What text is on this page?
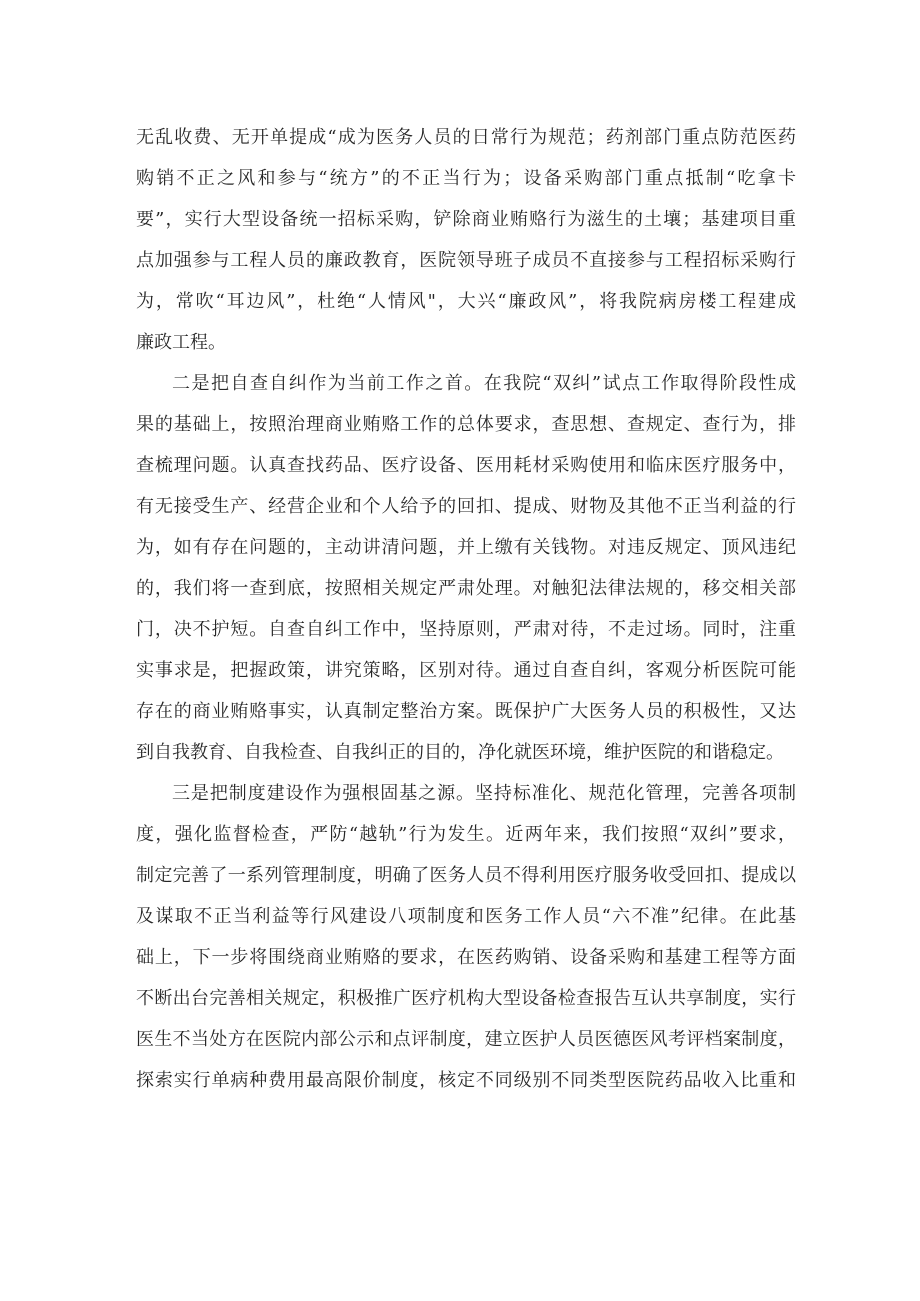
无乱收费、无开单提成“成为医务人员的日常行为规范；药剂部门重点防范医药
购销不正之风和参与“统方”的不正当行为；设备采购部门重点抵制“吃拿卡
要”，实行大型设备统一招标采购，铲除商业贿赂行为滋生的土壤；基建项目重
点加强参与工程人员的廉政教育，医院领导班子成员不直接参与工程招标采购行
为，常吹“耳边风”，杜绝“人情风"，大兴“廉政风”，将我院病房楼工程建成
廉政工程。
二是把自查自纠作为当前工作之首。在我院“双纠”试点工作取得阶段性成
果的基础上，按照治理商业贿赂工作的总体要求，查思想、查规定、查行为，排
查梳理问题。认真查找药品、医疗设备、医用耗材采购使用和临床医疗服务中，
有无接受生产、经营企业和个人给予的回扣、提成、财物及其他不正当利益的行
为，如有存在问题的，主动讲清问题，并上缴有关钱物。对违反规定、顶风违纪
的，我们将一查到底，按照相关规定严肃处理。对触犯法律法规的，移交相关部
门，决不护短。自查自纠工作中，坚持原则，严肃对待，不走过场。同时，注重
实事求是，把握政策，讲究策略，区别对待。通过自查自纠，客观分析医院可能
存在的商业贿赂事实，认真制定整治方案。既保护广大医务人员的积极性，又达
到自我教育、自我检查、自我纠正的目的，净化就医环境，维护医院的和谐稳定。
三是把制度建设作为强根固基之源。坚持标准化、规范化管理，完善各项制
度，强化监督检查，严防“越轨”行为发生。近两年来，我们按照“双纠”要求，
制定完善了一系列管理制度，明确了医务人员不得利用医疗服务收受回扣、提成以
及谋取不正当利益等行风建设八项制度和医务工作人员“六不准”纪律。在此基
础上，下一步将围绕商业贿赂的要求，在医药购销、设备采购和基建工程等方面
不断出台完善相关规定，积极推广医疗机构大型设备检查报告互认共享制度，实行
医生不当处方在医院内部公示和点评制度，建立医护人员医德医风考评档案制度，
探索实行单病种费用最高限价制度，核定不同级别不同类型医院药品收入比重和
